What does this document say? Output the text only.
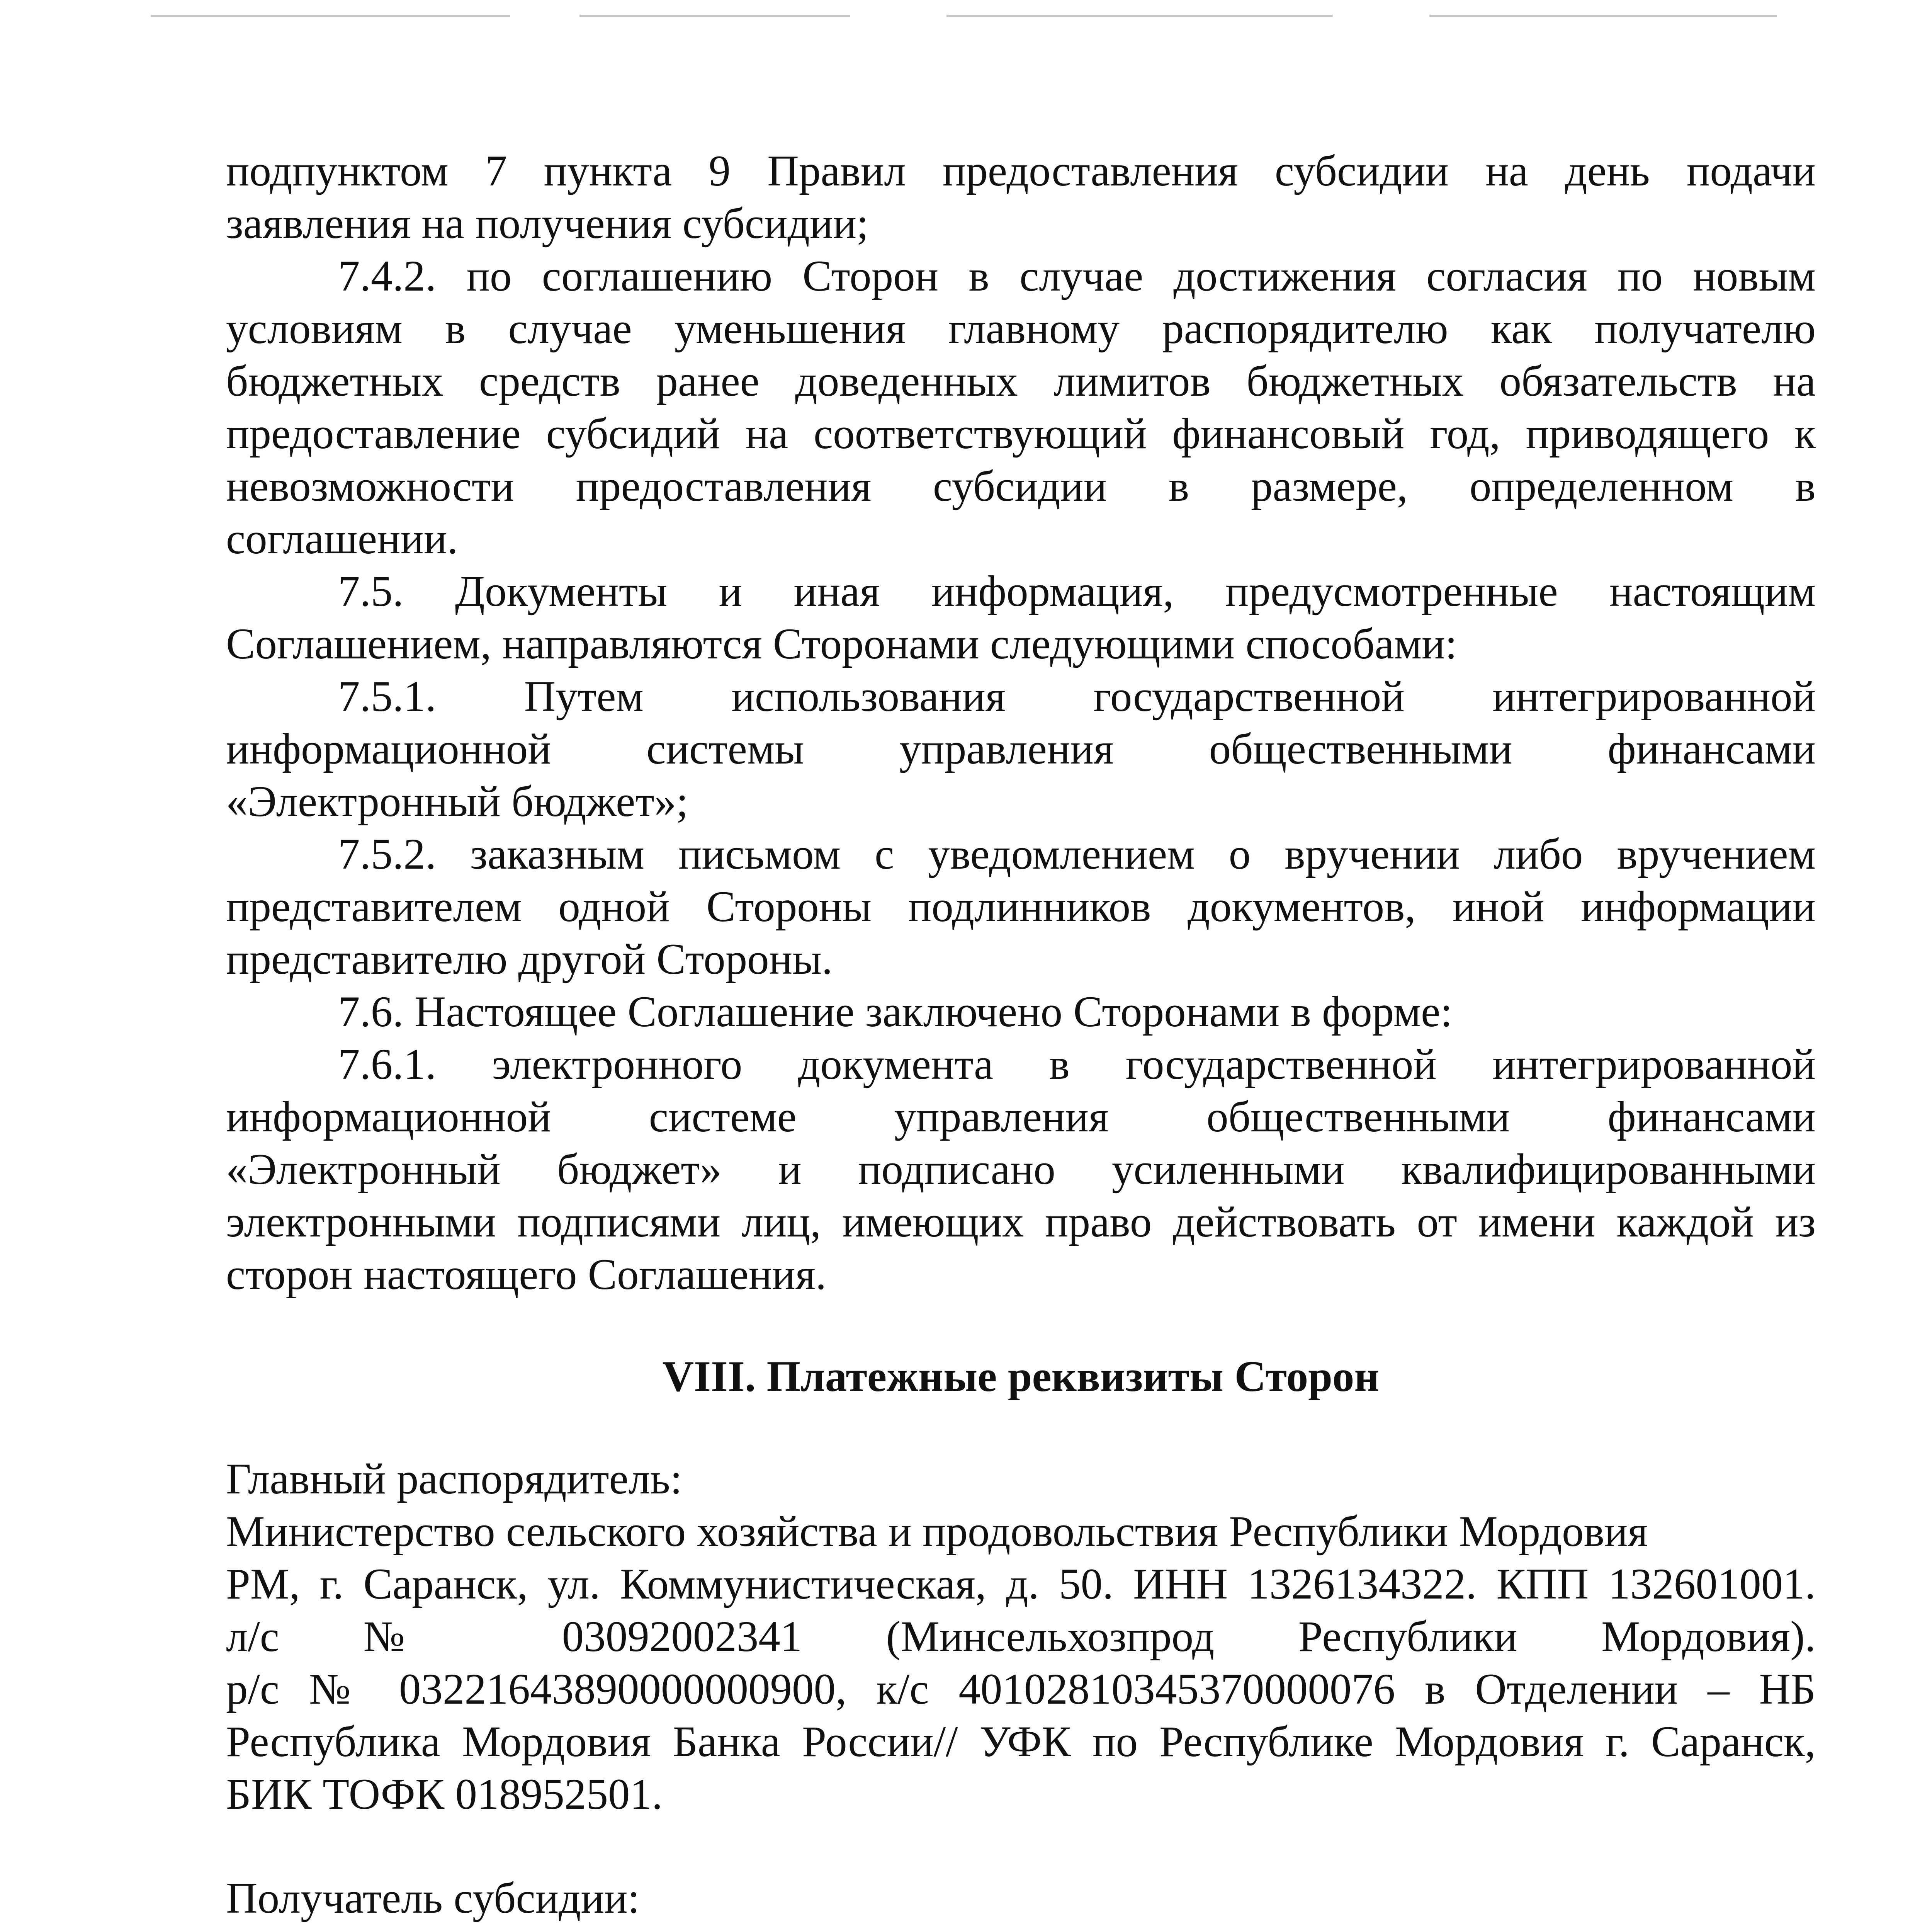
подпунктом 7 пункта 9 Правил предоставления субсидии на день подачи

заявления на получения субсидии;

7.4.2. по соглашению Сторон в случае достижения согласия по новым

условиям в случае уменьшения главному распорядителю как получателю

бюджетных средств ранее доведенных лимитов бюджетных обязательств на

предоставление субсидий на соответствующий финансовый год, приводящего к

невозможности предоставления субсидии в размере, определенном в

соглашении.

7.5. Документы и иная информация, предусмотренные настоящим

Соглашением, направляются Сторонами следующими способами:

7.5.1. Путем использования государственной интегрированной

информационной системы управления общественными финансами

«Электронный бюджет»;

7.5.2. заказным письмом с уведомлением о вручении либо вручением

представителем одной Стороны подлинников документов, иной информации

представителю другой Стороны.

7.6. Настоящее Соглашение заключено Сторонами в форме:

7.6.1. электронного документа в государственной интегрированной

информационной системе управления общественными финансами

«Электронный бюджет» и подписано усиленными квалифицированными

электронными подписями лиц, имеющих право действовать от имени каждой из

сторон настоящего Соглашения.

VIII. Платежные реквизиты Сторон

Главный распорядитель:

Министерство сельского хозяйства и продовольствия Республики Мордовия

РМ, г. Саранск, ул. Коммунистическая, д. 50. ИНН 1326134322. КПП 132601001.

л/с № 03092002341 (Минсельхозпрод Республики Мордовия).

р/с № 03221643890000000900, к/с 40102810345370000076 в Отделении – НБ

Республика Мордовия Банка России// УФК по Республике Мордовия г. Саранск,

БИК ТОФК 018952501.

Получатель субсидии:
